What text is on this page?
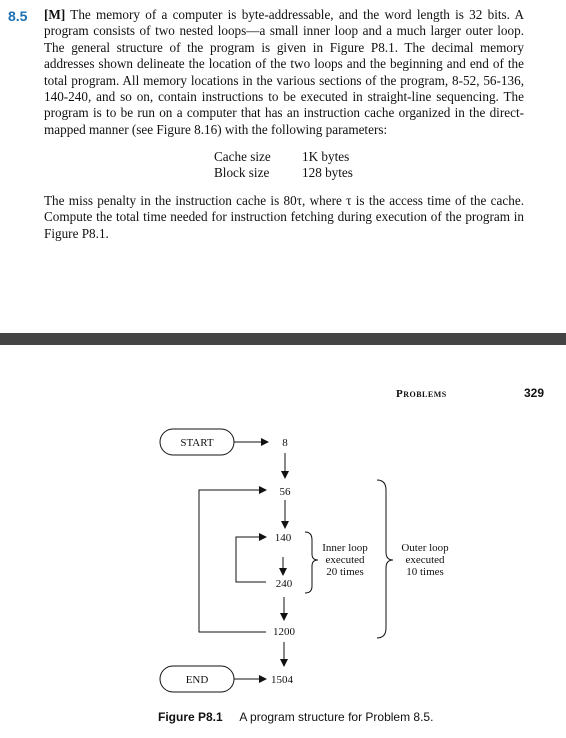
8.5 [M] The memory of a computer is byte-addressable, and the word length is 32 bits. A program consists of two nested loops—a small inner loop and a much larger outer loop. The general structure of the program is given in Figure P8.1. The decimal memory addresses shown delineate the location of the two loops and the beginning and end of the total program. All memory locations in the various sections of the program, 8-52, 56-136, 140-240, and so on, contain instructions to be executed in straight-line sequencing. The program is to be run on a computer that has an instruction cache organized in the direct-mapped manner (see Figure 8.16) with the following parameters:
Cache size	1K bytes
Block size	128 bytes
The miss penalty in the instruction cache is 80τ, where τ is the access time of the cache. Compute the total time needed for instruction fetching during execution of the program in Figure P8.1.
Problems	329
START	8
56
140
240
1200
1504
Inner loop
executed
20 times
Outer loop
executed
10 times
END
Figure P8.1 A program structure for Problem 8.5.
